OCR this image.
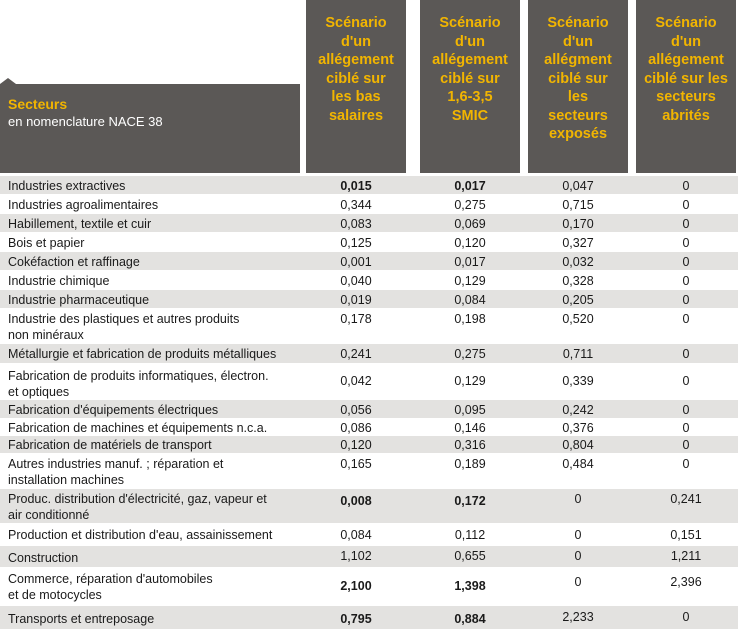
Secteurs
en nomenclature NACE 38
Scénario
d'un
allégement
ciblé sur
les bas
salaires
Scénario
d'un
allégement
ciblé sur
1,6-3,5
SMIC
Scénario
d'un
allégment
ciblé sur
les
secteurs
exposés
Scénario
d'un
allégement
ciblé sur les
secteurs
abrités
Industries extractives	0,015	0,017	0,047	0
Industries agroalimentaires	0,344	0,275	0,715	0
Habillement, textile et cuir	0,083	0,069	0,170	0
Bois et papier	0,125	0,120	0,327	0
Cokéfaction et raffinage	0,001	0,017	0,032	0
Industrie chimique	0,040	0,129	0,328	0
Industrie pharmaceutique	0,019	0,084	0,205	0
Industrie des plastiques et autres produits
non minéraux
0,178	0,198	0,520	0
Métallurgie et fabrication de produits métalliques	0,241	0,275	0,711	0
Fabrication de produits informatiques, électron.
et optiques
0,042	0,129	0,339	0
Fabrication d'équipements électriques	0,056	0,095	0,242	0
Fabrication de machines et équipements n.c.a.	0,086	0,146	0,376	0
Fabrication de matériels de transport	0,120	0,316	0,804	0
Autres industries manuf. ; réparation et
installation machines
0,165	0,189	0,484	0
Produc. distribution d'électricité, gaz, vapeur et
air conditionné
0,008	0,172	0	0,241
Production et distribution d'eau, assainissement	0,084	0,112	0	0,151
Construction	1,102	0,655	0	1,211
Commerce, réparation d'automobiles
et de motocycles
2,100	1,398	0	2,396
Transports et entreposage	0,795	0,884	2,233	0
